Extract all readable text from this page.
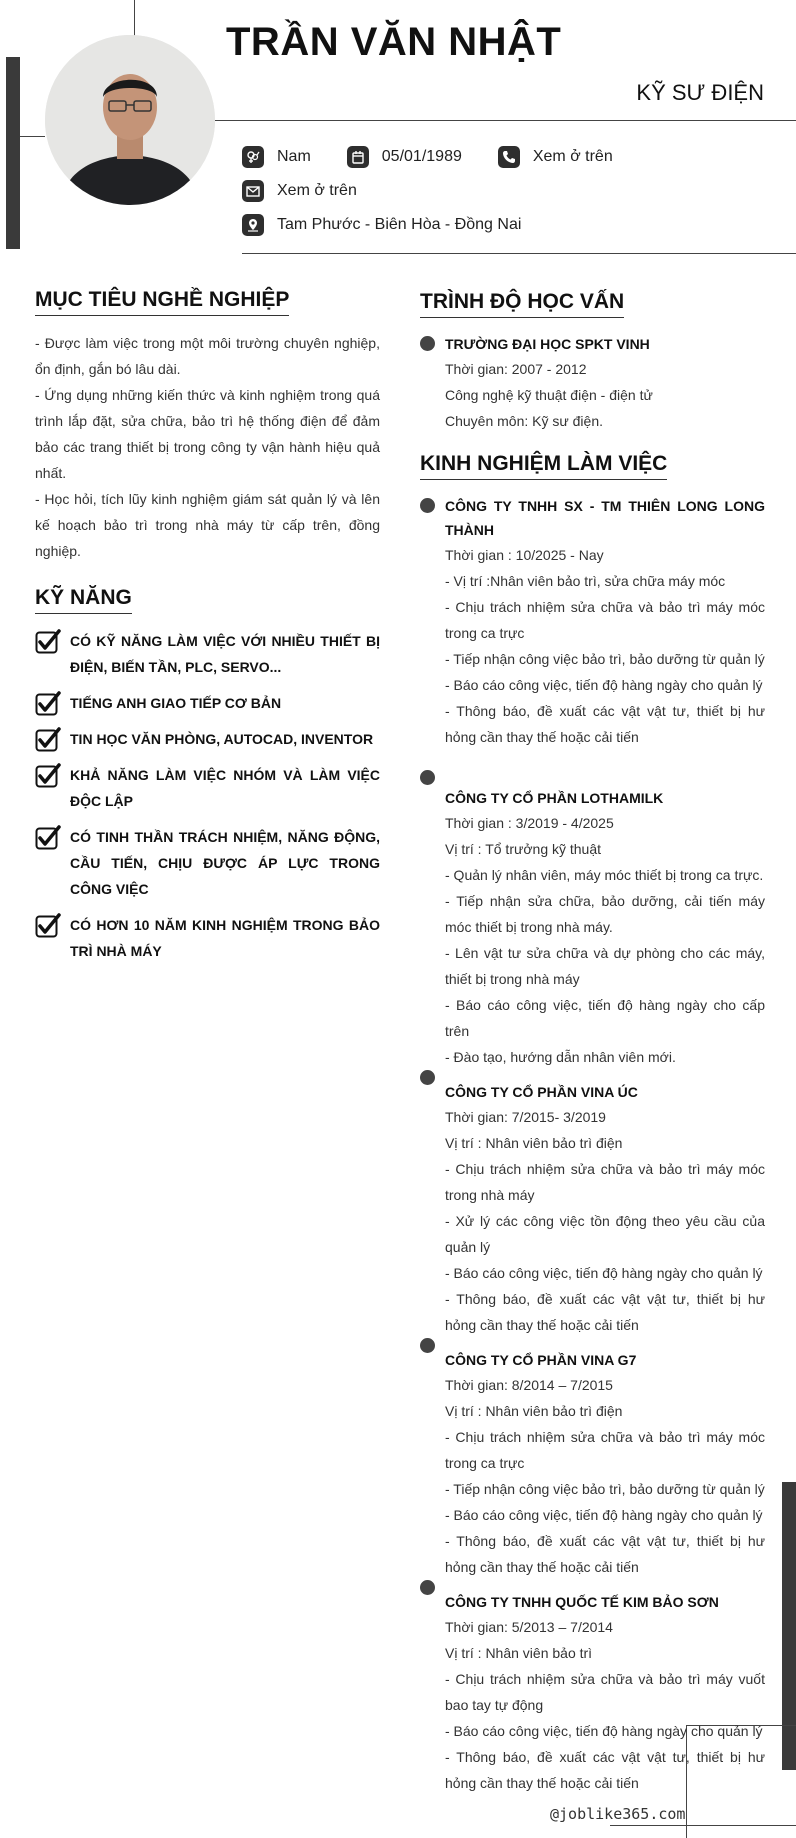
TRẦN VĂN NHẬT
KỸ SƯ ĐIỆN
Nam	05/01/1989	Xem ở trên
Xem ở trên
Tam Phước - Biên Hòa - Đồng Nai
MỤC TIÊU NGHỀ NGHIỆP

- Được làm việc trong một môi trường chuyên nghiệp, ổn định, gắn bó lâu dài.

- Ứng dụng những kiến thức và kinh nghiệm trong quá trình lắp đặt, sửa chữa, bảo trì hệ thống điện để đảm bảo các trang thiết bị trong công ty vận hành hiệu quả nhất.

- Học hỏi, tích lũy kinh nghiệm giám sát quản lý và lên kế hoạch bảo trì trong nhà máy từ cấp trên, đồng nghiệp.

KỸ NĂNG
CÓ KỸ NĂNG LÀM VIỆC VỚI NHIỀU THIẾT BỊ ĐIỆN, BIẾN TẦN, PLC, SERVO...
TIẾNG ANH GIAO TIẾP CƠ BẢN
TIN HỌC VĂN PHÒNG, AUTOCAD, INVENTOR
KHẢ NĂNG LÀM VIỆC NHÓM VÀ LÀM VIỆC ĐỘC LẬP
CÓ TINH THẦN TRÁCH NHIỆM, NĂNG ĐỘNG, CẦU TIẾN, CHỊU ĐƯỢC ÁP LỰC TRONG CÔNG VIỆC
CÓ HƠN 10 NĂM KINH NGHIỆM TRONG BẢO TRÌ NHÀ MÁY
TRÌNH ĐỘ HỌC VẤN
TRƯỜNG ĐẠI HỌC SPKT VINH
Thời gian: 2007 - 2012
Công nghệ kỹ thuật điện - điện tử
Chuyên môn: Kỹ sư điện.
KINH NGHIỆM LÀM VIỆC
CÔNG TY TNHH SX - TM THIÊN LONG LONG THÀNH
Thời gian : 10/2025 - Nay
- Vị trí :Nhân viên bảo trì, sửa chữa máy móc
- Chịu trách nhiệm sửa chữa và bảo trì máy móc trong ca trực
- Tiếp nhận công việc bảo trì, bảo dưỡng từ quản lý
- Báo cáo công việc, tiến độ hàng ngày cho quản lý
- Thông báo, đề xuất các vật vật tư, thiết bị hư hỏng cần thay thế hoặc cải tiến
CÔNG TY CỔ PHẦN LOTHAMILK
Thời gian : 3/2019 - 4/2025
Vị trí : Tổ trưởng kỹ thuật
- Quản lý nhân viên, máy móc thiết bị trong ca trực.
- Tiếp nhận sửa chữa, bảo dưỡng, cải tiến máy móc thiết bị trong nhà máy.
- Lên vật tư sửa chữa và dự phòng cho các máy, thiết bị trong nhà máy
- Báo cáo công việc, tiến độ hàng ngày cho cấp trên
- Đào tạo, hướng dẫn nhân viên mới.
CÔNG TY CỔ PHẦN VINA ÚC
Thời gian: 7/2015- 3/2019
Vị trí : Nhân viên bảo trì điện
- Chịu trách nhiệm sửa chữa và bảo trì máy móc trong nhà máy
- Xử lý các công việc tồn động theo yêu cầu của quản lý
- Báo cáo công việc, tiến độ hàng ngày cho quản lý
- Thông báo, đề xuất các vật vật tư, thiết bị hư hỏng cần thay thế hoặc cải tiến
CÔNG TY CỔ PHẦN VINA G7
Thời gian: 8/2014 – 7/2015
Vị trí : Nhân viên bảo trì điện
- Chịu trách nhiệm sửa chữa và bảo trì máy móc trong ca trực
- Tiếp nhận công việc bảo trì, bảo dưỡng từ quản lý
- Báo cáo công việc, tiến độ hàng ngày cho quản lý
- Thông báo, đề xuất các vật vật tư, thiết bị hư hỏng cần thay thế hoặc cải tiến
CÔNG TY TNHH QUỐC TẾ KIM BẢO SƠN
Thời gian: 5/2013 – 7/2014
Vị trí : Nhân viên bảo trì
- Chịu trách nhiệm sửa chữa và bảo trì máy vuốt bao tay tự động
- Báo cáo công việc, tiến độ hàng ngày cho quản lý
- Thông báo, đề xuất các vật vật tư, thiết bị hư hỏng cần thay thế hoặc cải tiến
@joblike365.com
